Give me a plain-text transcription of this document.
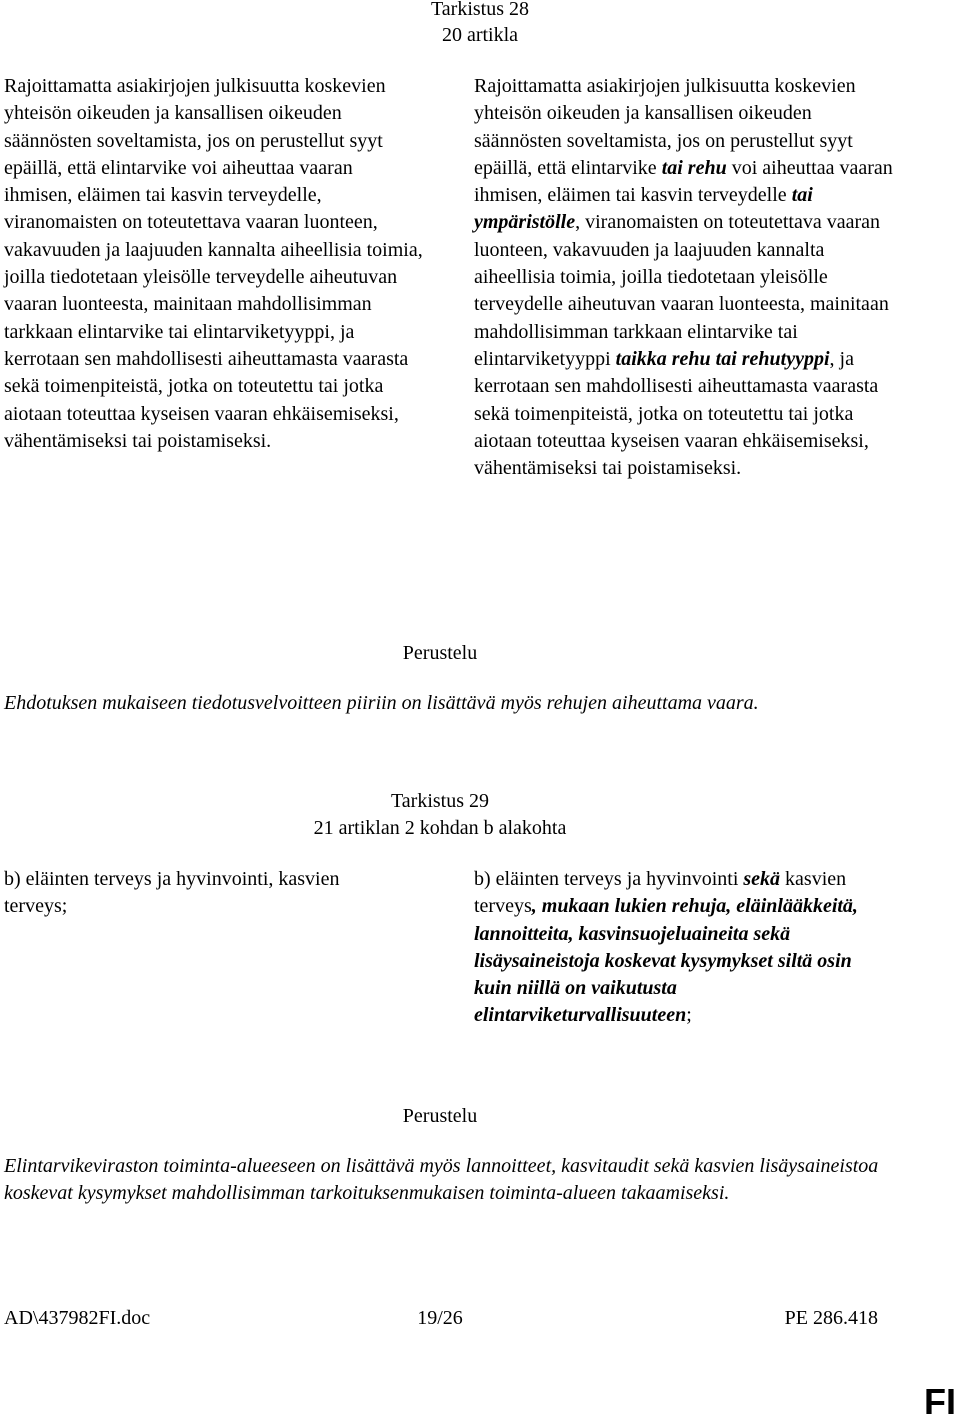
Tarkistus 28
20 artikla

Rajoittamatta asiakirjojen julkisuutta koskevien yhteisön oikeuden ja kansallisen oikeuden säännösten soveltamista, jos on perustellut syyt epäillä, että elintarvike voi aiheuttaa vaaran ihmisen, eläimen tai kasvin terveydelle, viranomaisten on toteutettava vaaran luonteen, vakavuuden ja laajuuden kannalta aiheellisia toimia, joilla tiedotetaan yleisölle terveydelle aiheutuvan vaaran luonteesta, mainitaan mahdollisimman tarkkaan elintarvike tai elintarviketyyppi, ja kerrotaan sen mahdollisesti aiheuttamasta vaarasta sekä toimenpiteistä, jotka on toteutettu tai jotka aiotaan toteuttaa kyseisen vaaran ehkäisemiseksi, vähentämiseksi tai poistamiseksi.

Rajoittamatta asiakirjojen julkisuutta koskevien yhteisön oikeuden ja kansallisen oikeuden säännösten soveltamista, jos on perustellut syyt epäillä, että elintarvike tai rehu voi aiheuttaa vaaran ihmisen, eläimen tai kasvin terveydelle tai ympäristölle, viranomaisten on toteutettava vaaran luonteen, vakavuuden ja laajuuden kannalta aiheellisia toimia, joilla tiedotetaan yleisölle terveydelle aiheutuvan vaaran luonteesta, mainitaan mahdollisimman tarkkaan elintarvike tai elintarviketyyppi taikka rehu tai rehutyyppi, ja kerrotaan sen mahdollisesti aiheuttamasta vaarasta sekä toimenpiteistä, jotka on toteutettu tai jotka aiotaan toteuttaa kyseisen vaaran ehkäisemiseksi, vähentämiseksi tai poistamiseksi.

Perustelu

Ehdotuksen mukaiseen tiedotusvelvoitteen piiriin on lisättävä myös rehujen aiheuttama vaara.

Tarkistus 29
21 artiklan 2 kohdan b alakohta

b) eläinten terveys ja hyvinvointi, kasvien terveys;

b) eläinten terveys ja hyvinvointi sekä kasvien terveys, mukaan lukien rehuja, eläinlääkkeitä, lannoitteita, kasvinsuojeluaineita sekä lisäysaineistoja koskevat kysymykset siltä osin kuin niillä on vaikutusta elintarviketurvallisuuteen;

Perustelu

Elintarvikeviraston toiminta-alueeseen on lisättävä myös lannoitteet, kasvitaudit sekä kasvien lisäysaineistoa koskevat kysymykset mahdollisimman tarkoituksenmukaisen toiminta-alueen takaamiseksi.

AD\437982FI.doc	19/26	PE 286.418
FI
